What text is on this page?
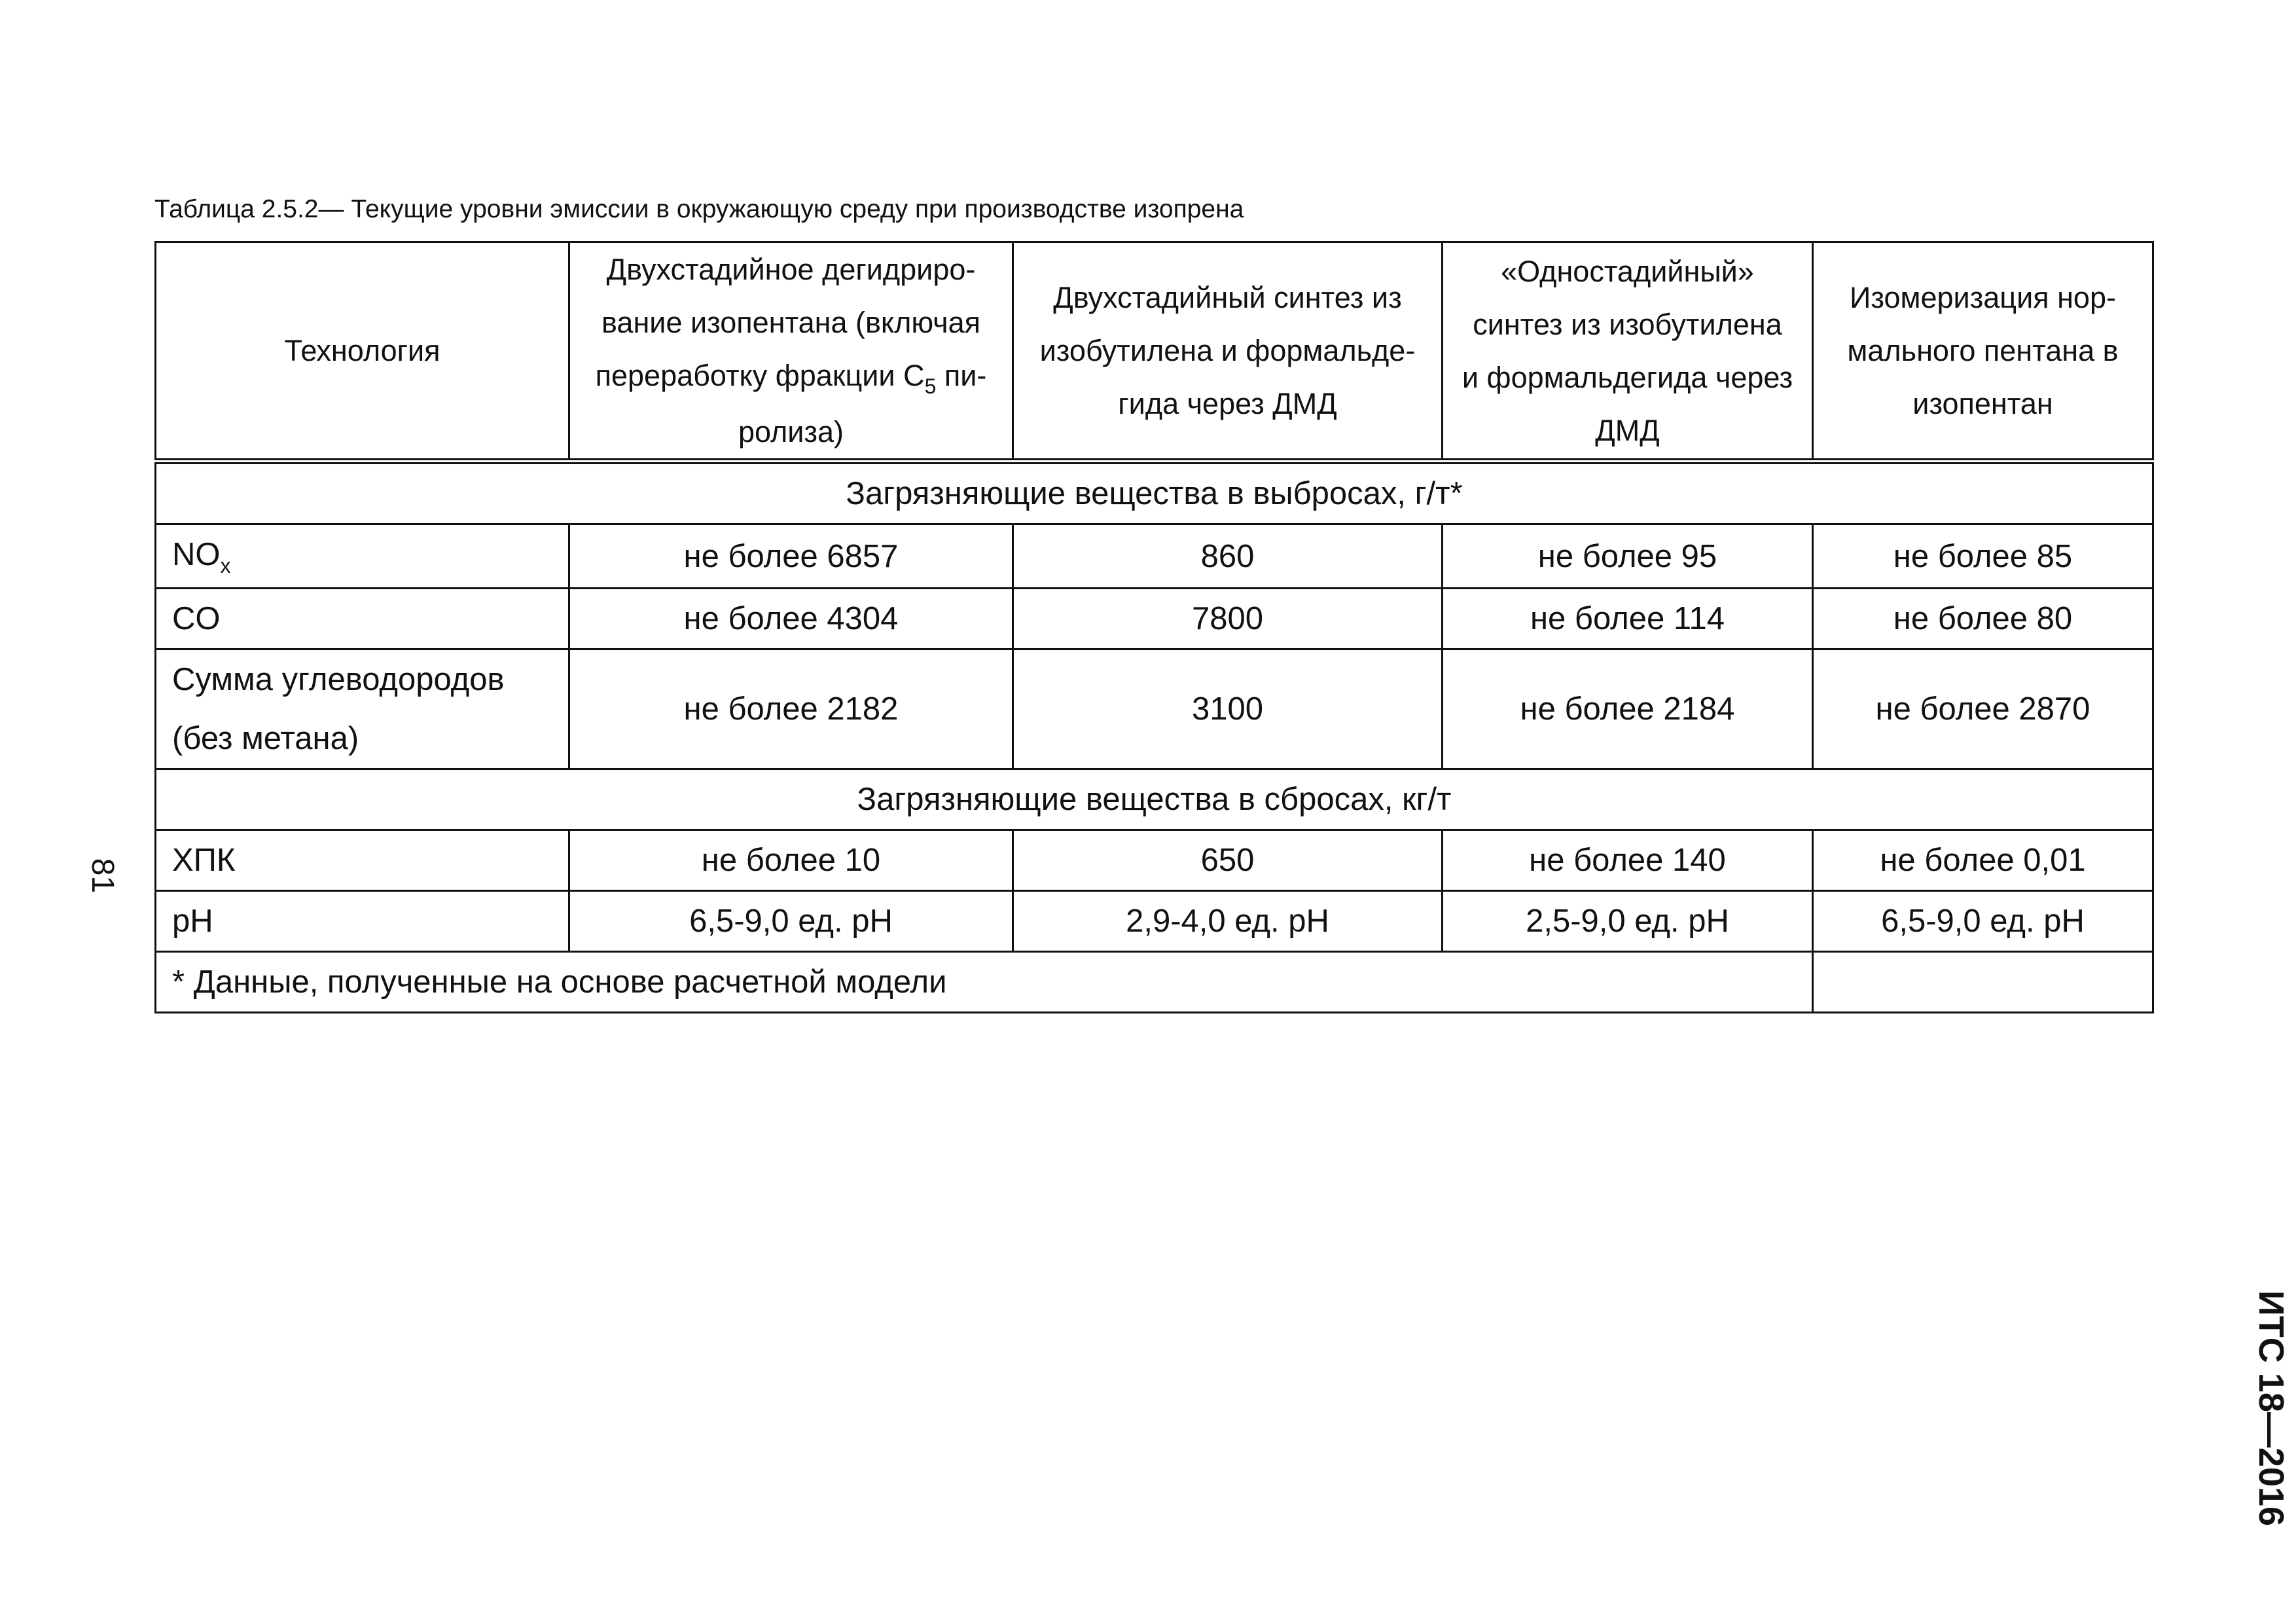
Таблица 2.5.2— Текущие уровни эмиссии в окружающую среду при производстве изопрена
Технология	Двухстадийное дегидриро-
вание изопентана (включая
переработку фракции $С_5$ пи-
ролиза)	Двухстадийный синтез из
изобутилена и формальде-
гида через ДМД	«Одностадийный»
синтез из изобутилена
и формальдегида через
ДМД	Изомеризация нор-
мального пентана в
изопентан
Загрязняющие вещества в выбросах, г/т*				
$NO_x$	не более 6857	860	не более 95	не более 85
CO	не более 4304	7800	не более 114	не более 80
Сумма углеводородов
(без метана)	не более 2182	3100	не более 2184	не более 2870
Загрязняющие вещества в сбросах, кг/т				
ХПК	не более 10	650	не более 140	не более 0,01
pH	6,5-9,0 ед. рН	2,9-4,0 ед. рН	2,5-9,0 ед. рН	6,5-9,0 ед. рН
* Данные, полученные на основе расчетной модели				
81
ИТС 18—2016
